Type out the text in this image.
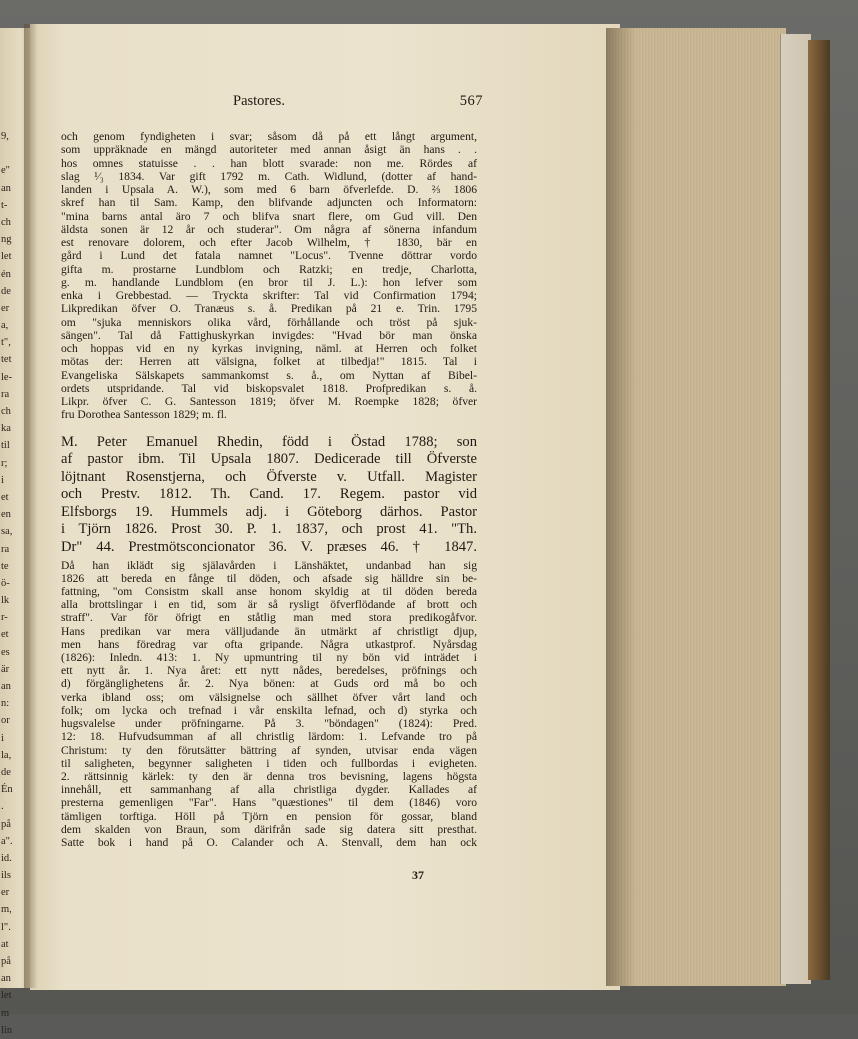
9,
e"
an
t-
ch
ng
let
én
de
er
a,
t",
tet
le-
ra
ch
ka
til
r;
i
et
en
sa,
ra
te
ö-
lk
r-
et
es
är
an
n:
or
i
la,
de
Én
.
på
a".
id.
ils
er
m,
l".
at
på
an
let
m
lin
Pastores.	567

och genom fyndigheten i svar; såsom då på ett långt argument,

som uppräknade en mängd autoriteter med annan åsigt än hans . .

hos omnes statuisse . . han blott svarade: non me. Rördes af

slag ¹⁄₃ 1834. Var gift 1792 m. Cath. Widlund, (dotter af hand-

landen i Upsala A. W.), som med 6 barn öfverlefde. D. ⅔ 1806

skref han til Sam. Kamp, den blifvande adjuncten och Informatorn:

"mina barns antal äro 7 och blifva snart flere, om Gud vill. Den

äldsta sonen är 12 år och studerar". Om några af sönerna infandum

est renovare dolorem, och efter Jacob Wilhelm, † 1830, bär en

gård i Lund det fatala namnet "Locus". Tvenne döttrar vordo

gifta m. prostarne Lundblom och Ratzki; en tredje, Charlotta,

g. m. handlande Lundblom (en bror til J. L.): hon lefver som

enka i Grebbestad. — Tryckta skrifter: Tal vid Confirmation 1794;

Likpredikan öfver O. Tranæus s. å. Predikan på 21 e. Trin. 1795

om "sjuka menniskors olika vård, förhållande och tröst på sjuk-

sängen". Tal då Fattighuskyrkan invigdes: "Hvad bör man önska

och hoppas vid en ny kyrkas invigning, näml. at Herren och folket

mötas der: Herren att välsigna, folket at tilbedja!" 1815. Tal i

Evangeliska Sälskapets sammankomst s. å., om Nyttan af Bibel-

ordets utspridande. Tal vid biskopsvalet 1818. Profpredikan s. å.

Likpr. öfver C. G. Santesson 1819; öfver M. Roempke 1828; öfver

fru Dorothea Santesson 1829; m. fl.

M. Peter Emanuel Rhedin, född i Östad 1788; son

af pastor ibm. Til Upsala 1807. Dedicerade till Öfverste

löjtnant Rosenstjerna, och Öfverste v. Utfall. Magister

och Prestv. 1812. Th. Cand. 17. Regem. pastor vid

Elfsborgs 19. Hummels adj. i Göteborg därhos. Pastor

i Tjörn 1826. Prost 30. P. 1. 1837, och prost 41. "Th.

Dr" 44. Prestmötsconcionator 36. V. præses 46. † 1847.

Då han iklädt sig själavården i Länshäktet, undanbad han sig

1826 att bereda en fånge til döden, och afsade sig hälldre sin be-

fattning, "om Consistm skall anse honom skyldig at til döden bereda

alla brottslingar i en tid, som är så rysligt öfverflödande af brott och

straff". Var för öfrigt en ståtlig man med stora predikogåfvor.

Hans predikan var mera välljudande än utmärkt af christligt djup,

men hans föredrag var ofta gripande. Några utkastprof. Nyårsdag

(1826): Inledn. 413: 1. Ny upmuntring til ny bön vid inträdet i

ett nytt år. 1. Nya året: ett nytt nådes, beredelses, pröfnings och

d) förgänglighetens år. 2. Nya bönen: at Guds ord må bo och

verka ibland oss; om välsignelse och sällhet öfver vårt land och

folk; om lycka och trefnad i vår enskilta lefnad, och d) styrka och

hugsvalelse under pröfningarne. På 3. "böndagen" (1824): Pred.

12: 18. Hufvudsumman af all christlig lärdom: 1. Lefvande tro på

Christum: ty den förutsätter bättring af synden, utvisar enda vägen

til saligheten, begynner saligheten i tiden och fullbordas i evigheten.

2. rättsinnig kärlek: ty den är denna tros bevisning, lagens högsta

innehåll, ett sammanhang af alla christliga dygder. Kallades af

presterna gemenligen "Far". Hans "quæstiones" til dem (1846) voro

tämligen torftiga. Höll på Tjörn en pension för gossar, bland

dem skalden von Braun, som därifrån sade sig datera sitt presthat.

Satte bok i hand på O. Calander och A. Stenvall, dem han ock

37
